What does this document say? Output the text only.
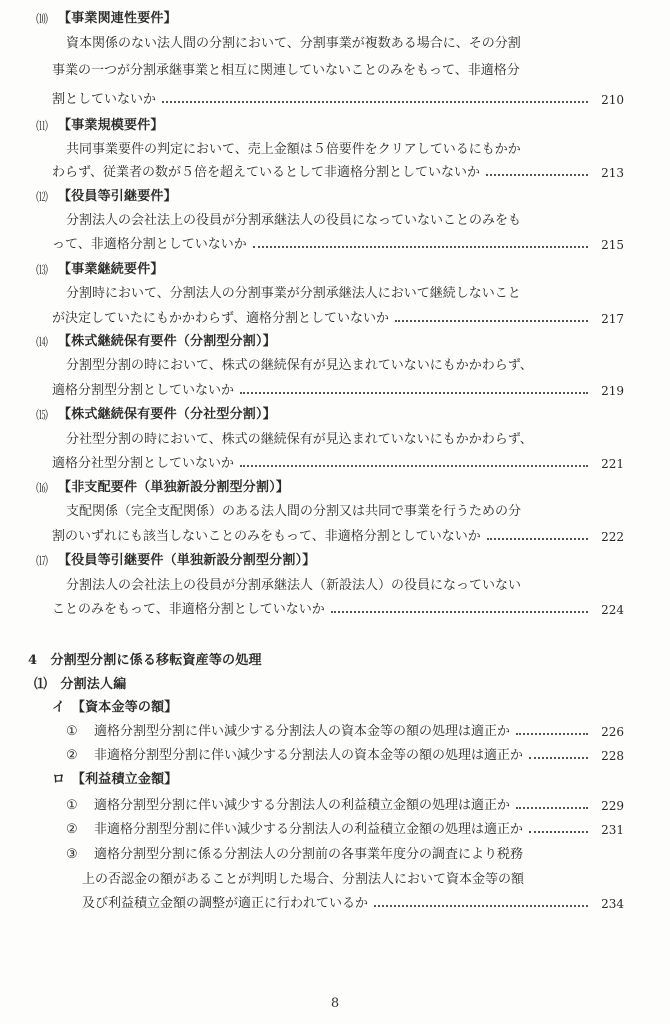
⑽ 【事業関連性要件】
資本関係のない法人間の分割において、分割事業が複数ある場合に、その分割
事業の一つが分割承継事業と相互に関連していないことのみをもって、非適格分
割としていないか	210
⑾ 【事業規模要件】
共同事業要件の判定において、売上金額は５倍要件をクリアしているにもかか
わらず、従業者の数が５倍を超えているとして非適格分割としていないか	213
⑿ 【役員等引継要件】
分割法人の会社法上の役員が分割承継法人の役員になっていないことのみをも
って、非適格分割としていないか	215
⒀ 【事業継続要件】
分割時において、分割法人の分割事業が分割承継法人において継続しないこと
が決定していたにもかかわらず、適格分割としていないか	217
⒁ 【株式継続保有要件（分割型分割）】
分割型分割の時において、株式の継続保有が見込まれていないにもかかわらず、
適格分割型分割としていないか	219
⒂ 【株式継続保有要件（分社型分割）】
分社型分割の時において、株式の継続保有が見込まれていないにもかかわらず、
適格分社型分割としていないか	221
⒃ 【非支配要件（単独新設分割型分割）】
支配関係（完全支配関係）のある法人間の分割又は共同で事業を行うための分
割のいずれにも該当しないことのみをもって、非適格分割としていないか	222
⒄ 【役員等引継要件（単独新設分割型分割）】
分割法人の会社法上の役員が分割承継法人（新設法人）の役員になっていない
ことのみをもって、非適格分割としていないか	224
4　分割型分割に係る移転資産等の処理
⑴　分割法人編
イ　【資本金等の額】
① 適格分割型分割に伴い減少する分割法人の資本金等の額の処理は適正か	226
② 非適格分割型分割に伴い減少する分割法人の資本金等の額の処理は適正か	228
ロ　【利益積立金額】
① 適格分割型分割に伴い減少する分割法人の利益積立金額の処理は適正か	229
② 非適格分割型分割に伴い減少する分割法人の利益積立金額の処理は適正か	231
③ 適格分割型分割に係る分割法人の分割前の各事業年度分の調査により税務
上の否認金の額があることが判明した場合、分割法人において資本金等の額
及び利益積立金額の調整が適正に行われているか	234
8
